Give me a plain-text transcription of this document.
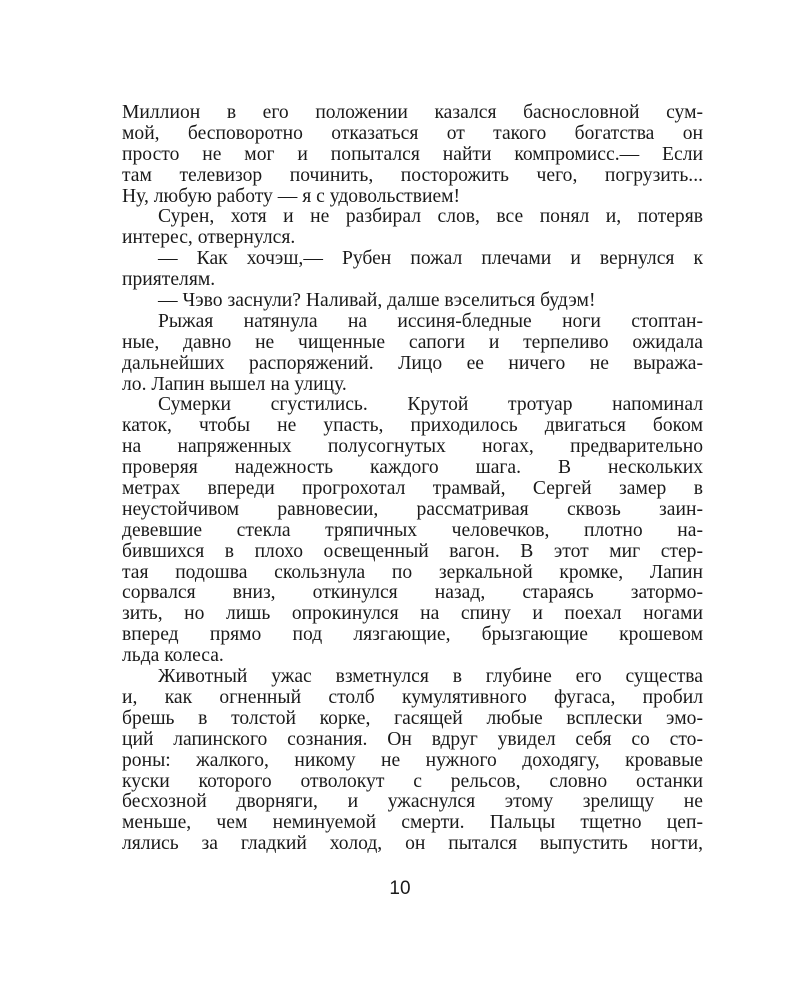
Миллион в его положении казался баснословной сум-
мой, бесповоротно отказаться от такого богатства он
просто не мог и попытался найти компромисс.— Если
там телевизор починить, посторожить чего, погрузить...
Ну, любую работу — я с удовольствием!
Сурен, хотя и не разбирал слов, все понял и, потеряв
интерес, отвернулся.
— Как хочэш,— Рубен пожал плечами и вернулся к
приятелям.
— Чэво заснули? Наливай, далше вэселиться будэм!
Рыжая натянула на иссиня-бледные ноги стоптан-
ные, давно не чищенные сапоги и терпеливо ожидала
дальнейших распоряжений. Лицо ее ничего не выража-
ло. Лапин вышел на улицу.
Сумерки сгустились. Крутой тротуар напоминал
каток, чтобы не упасть, приходилось двигаться боком
на напряженных полусогнутых ногах, предварительно
проверяя надежность каждого шага. В нескольких
метрах впереди прогрохотал трамвай, Сергей замер в
неустойчивом равновесии, рассматривая сквозь заин-
девевшие стекла тряпичных человечков, плотно на-
бившихся в плохо освещенный вагон. В этот миг стер-
тая подошва скользнула по зеркальной кромке, Лапин
сорвался вниз, откинулся назад, стараясь затормо-
зить, но лишь опрокинулся на спину и поехал ногами
вперед прямо под лязгающие, брызгающие крошевом
льда колеса.
Животный ужас взметнулся в глубине его существа
и, как огненный столб кумулятивного фугаса, пробил
брешь в толстой корке, гасящей любые всплески эмо-
ций лапинского сознания. Он вдруг увидел себя со сто-
роны: жалкого, никому не нужного доходягу, кровавые
куски которого отволокут с рельсов, словно останки
бесхозной дворняги, и ужаснулся этому зрелищу не
меньше, чем неминуемой смерти. Пальцы тщетно цеп-
лялись за гладкий холод, он пытался выпустить ногти,
10
